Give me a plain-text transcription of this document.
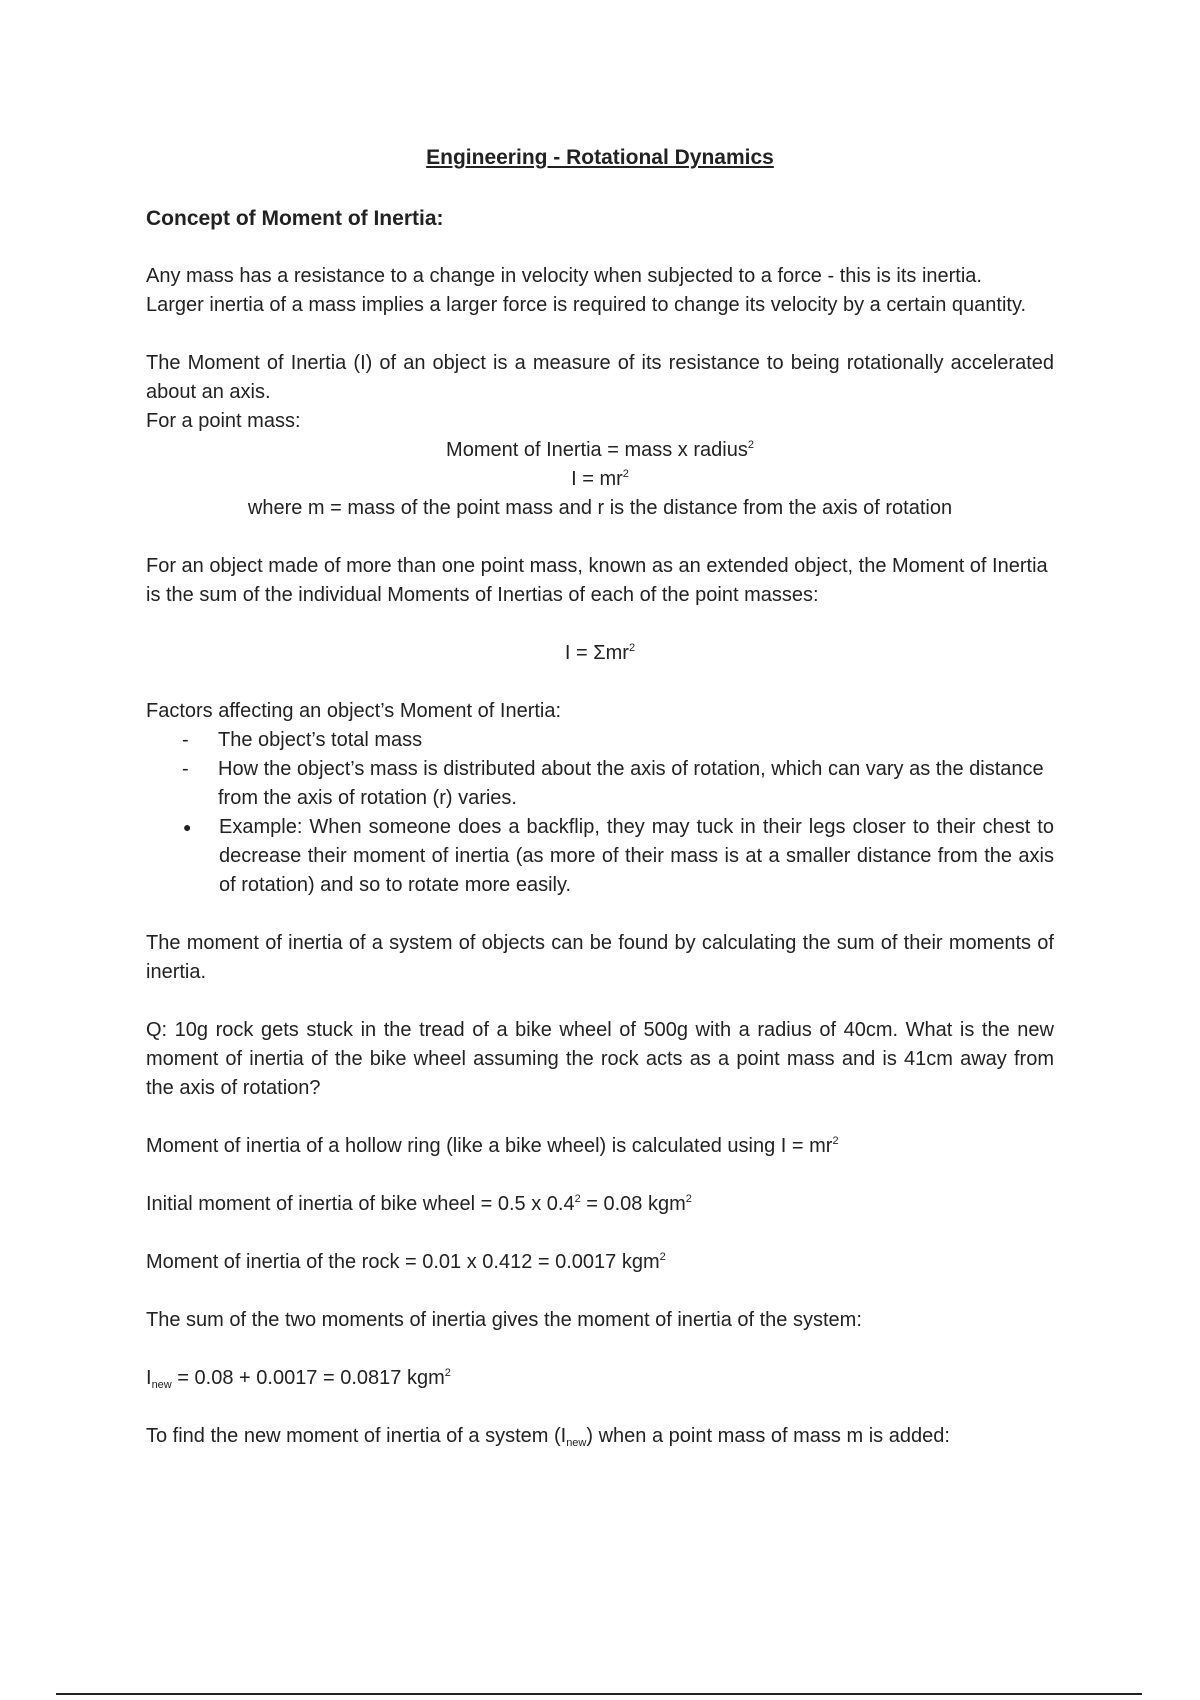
Engineering - Rotational Dynamics

Concept of Moment of Inertia:

Any mass has a resistance to a change in velocity when subjected to a force - this is its inertia.

Larger inertia of a mass implies a larger force is required to change its velocity by a certain quantity.

The Moment of Inertia (I) of an object is a measure of its resistance to being rotationally accelerated about an axis.

For a point mass:

Moment of Inertia = mass x radius$^2$

$I = mr^2$

where m = mass of the point mass and r is the distance from the axis of rotation

For an object made of more than one point mass, known as an extended object, the Moment of Inertia is the sum of the individual Moments of Inertias of each of the point masses:

I = Σmr$^2$

Factors affecting an object’s Moment of Inertia:

- The object’s total mass
- How the object’s mass is distributed about the axis of rotation, which can vary as the distance from the axis of rotation (r) varies.
● Example: When someone does a backflip, they may tuck in their legs closer to their chest to decrease their moment of inertia (as more of their mass is at a smaller distance from the axis of rotation) and so to rotate more easily.

The moment of inertia of a system of objects can be found by calculating the sum of their moments of inertia.

Q: 10g rock gets stuck in the tread of a bike wheel of 500g with a radius of 40cm. What is the new moment of inertia of the bike wheel assuming the rock acts as a point mass and is 41cm away from the axis of rotation?

Moment of inertia of a hollow ring (like a bike wheel) is calculated using $I = mr^2$

Initial moment of inertia of bike wheel = 0.5 x $0.4^2 = 0.08$ kgm$^2$

Moment of inertia of the rock = 0.01 x 0.412 = 0.0017 kgm$^2$

The sum of the two moments of inertia gives the moment of inertia of the system:

$I_{new} = 0.08 + 0.0017 = 0.0817$ kgm$^2$

To find the new moment of inertia of a system $(I_{new})$ when a point mass of mass m is added:
